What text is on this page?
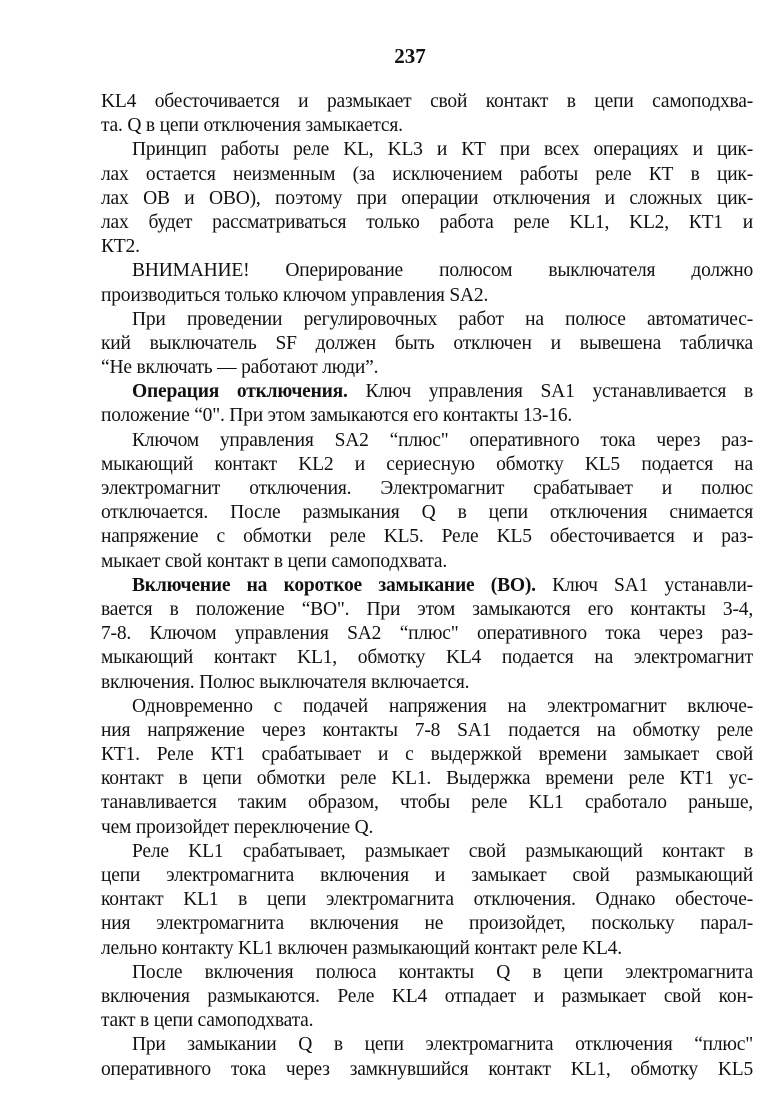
237
KL4 обесточивается и размыкает свой контакт в цепи самоподхва-
та. Q в цепи отключения замыкается.
Принцип работы реле KL, KL3 и КТ при всех операциях и цик-
лах остается неизменным (за исключением работы реле КТ в цик-
лах ОВ и ОВО), поэтому при операции отключения и сложных цик-
лах будет рассматриваться только работа реле KL1, KL2, КТ1 и
КТ2.
ВНИМАНИЕ! Оперирование полюсом выключателя должно
производиться только ключом управления SA2.
При проведении регулировочных работ на полюсе автоматичес-
кий выключатель SF должен быть отключен и вывешена табличка
“Не включать — работают люди”.
Операция отключения. Ключ управления SA1 устанавливается в
положение “0". При этом замыкаются его контакты 13-16.
Ключом управления SA2 “плюс" оперативного тока через раз-
мыкающий контакт KL2 и сериесную обмотку KL5 подается на
электромагнит отключения. Электромагнит срабатывает и полюс
отключается. После размыкания Q в цепи отключения снимается
напряжение с обмотки реле KL5. Реле KL5 обесточивается и раз-
мыкает свой контакт в цепи самоподхвата.
Включение на короткое замыкание (ВО). Ключ SA1 устанавли-
вается в положение “ВО". При этом замыкаются его контакты 3-4,
7-8. Ключом управления SA2 “плюс" оперативного тока через раз-
мыкающий контакт KL1, обмотку KL4 подается на электромагнит
включения. Полюс выключателя включается.
Одновременно с подачей напряжения на электромагнит включе-
ния напряжение через контакты 7-8 SA1 подается на обмотку реле
КТ1. Реле КТ1 срабатывает и с выдержкой времени замыкает свой
контакт в цепи обмотки реле KL1. Выдержка времени реле КТ1 ус-
танавливается таким образом, чтобы реле KL1 сработало раньше,
чем произойдет переключение Q.
Реле KL1 срабатывает, размыкает свой размыкающий контакт в
цепи электромагнита включения и замыкает свой размыкающий
контакт KL1 в цепи электромагнита отключения. Однако обесточе-
ния электромагнита включения не произойдет, поскольку парал-
лельно контакту KL1 включен размыкающий контакт реле KL4.
После включения полюса контакты Q в цепи электромагнита
включения размыкаются. Реле KL4 отпадает и размыкает свой кон-
такт в цепи самоподхвата.
При замыкании Q в цепи электромагнита отключения “плюс"
оперативного тока через замкнувшийся контакт KL1, обмотку KL5
